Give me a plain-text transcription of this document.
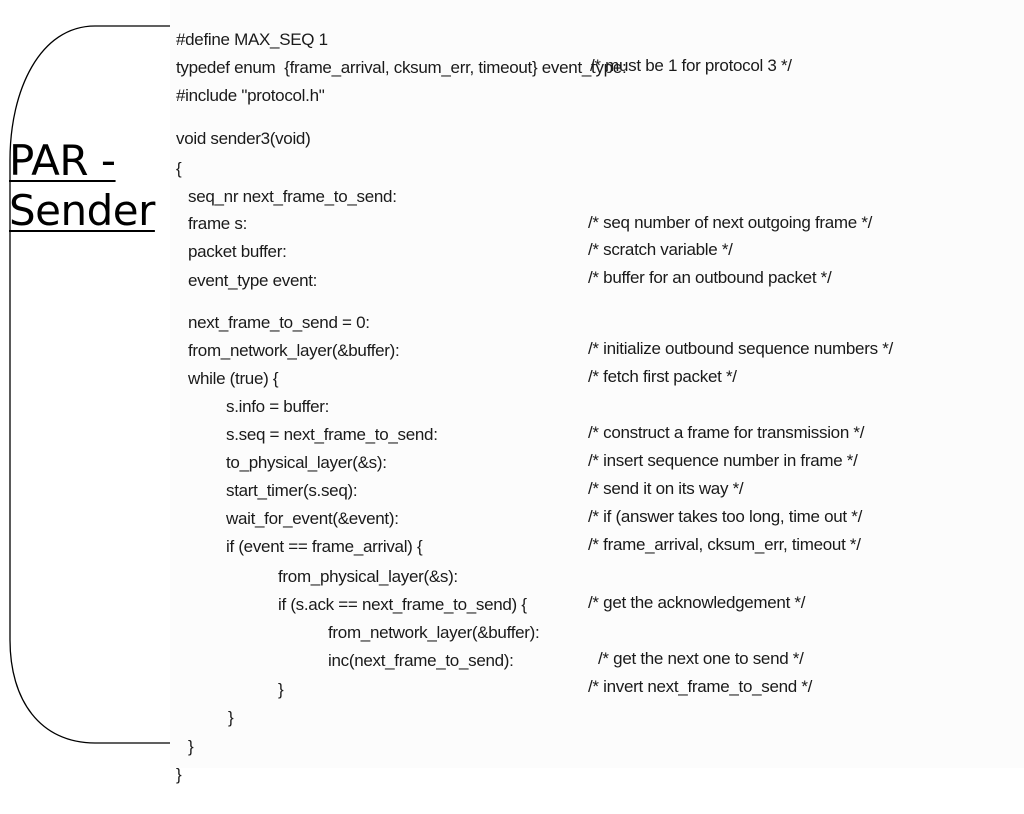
PAR -
Sender

#define MAX_SEQ 1

/* must be 1 for protocol 3 */

typedef enum  {frame_arrival, cksum_err, timeout} event_type:

#include "protocol.h"

void sender3(void)

{

seq_nr next_frame_to_send:

/* seq number of next outgoing frame */

frame s:

/* scratch variable */

packet buffer:

/* buffer for an outbound packet */

event_type event:

next_frame_to_send = 0:

/* initialize outbound sequence numbers */

from_network_layer(&buffer):

/* fetch first packet */

while (true) {

s.info = buffer:

/* construct a frame for transmission */

s.seq = next_frame_to_send:

/* insert sequence number in frame */

to_physical_layer(&s):

/* send it on its way */

start_timer(s.seq):

/* if (answer takes too long, time out */

wait_for_event(&event):

/* frame_arrival, cksum_err, timeout */

if (event == frame_arrival) {

from_physical_layer(&s):

/* get the acknowledgement */

if (s.ack == next_frame_to_send) {

from_network_layer(&buffer):

/* get the next one to send */

inc(next_frame_to_send):

/* invert next_frame_to_send */

}

}

}

}
